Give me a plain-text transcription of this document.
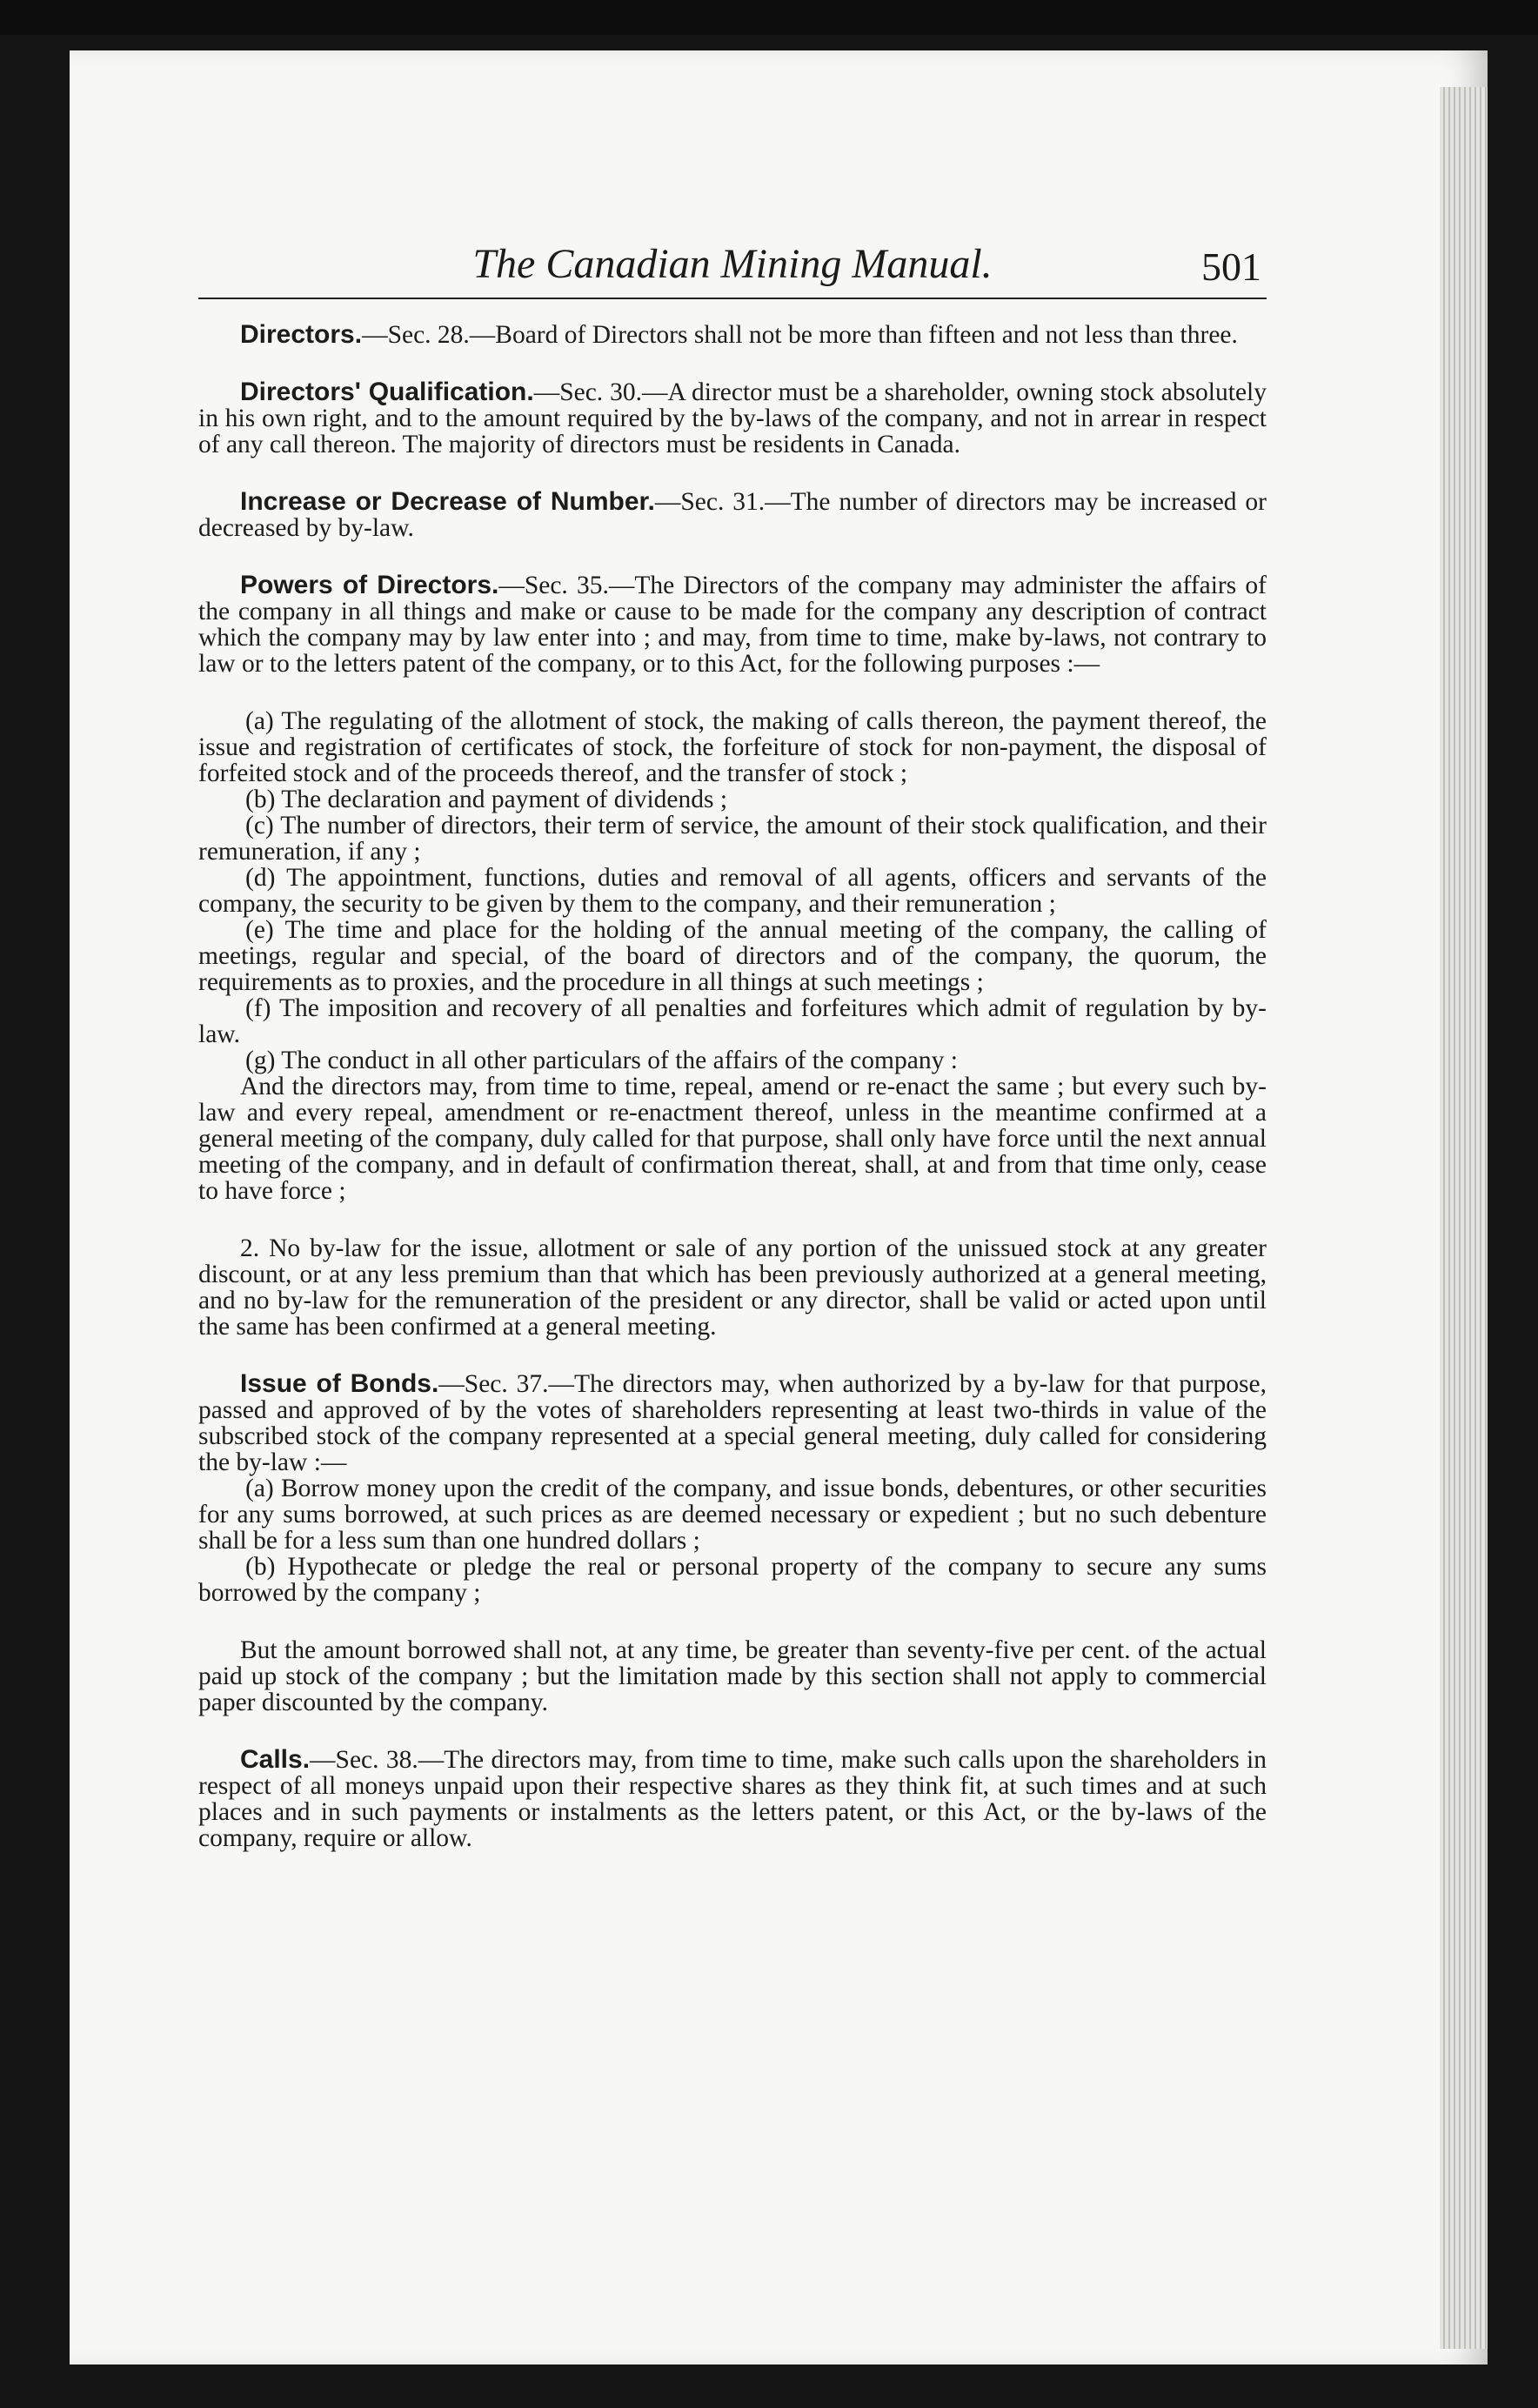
The Canadian Mining Manual.	501

Directors.—Sec. 28.—Board of Directors shall not be more than fifteen and not less than three.

Directors' Qualification.—Sec. 30.—A director must be a shareholder, owning stock absolutely in his own right, and to the amount required by the by-laws of the company, and not in arrear in respect of any call thereon. The majority of directors must be residents in Canada.

Increase or Decrease of Number.—Sec. 31.—The number of directors may be increased or decreased by by-law.

Powers of Directors.—Sec. 35.—The Directors of the company may administer the affairs of the company in all things and make or cause to be made for the company any description of contract which the company may by law enter into ; and may, from time to time, make by-laws, not contrary to law or to the letters patent of the company, or to this Act, for the following purposes :—

(a) The regulating of the allotment of stock, the making of calls thereon, the payment thereof, the issue and registration of certificates of stock, the forfeiture of stock for non-payment, the disposal of forfeited stock and of the proceeds thereof, and the transfer of stock ;

(b) The declaration and payment of dividends ;

(c) The number of directors, their term of service, the amount of their stock qualification, and their remuneration, if any ;

(d) The appointment, functions, duties and removal of all agents, officers and servants of the company, the security to be given by them to the company, and their remuneration ;

(e) The time and place for the holding of the annual meeting of the company, the calling of meetings, regular and special, of the board of directors and of the company, the quorum, the requirements as to proxies, and the procedure in all things at such meetings ;

(f) The imposition and recovery of all penalties and forfeitures which admit of regulation by by-law.

(g) The conduct in all other particulars of the affairs of the company :

And the directors may, from time to time, repeal, amend or re-enact the same ; but every such by-law and every repeal, amendment or re-enactment thereof, unless in the meantime confirmed at a general meeting of the company, duly called for that purpose, shall only have force until the next annual meeting of the company, and in default of confirmation thereat, shall, at and from that time only, cease to have force ;

2. No by-law for the issue, allotment or sale of any portion of the unissued stock at any greater discount, or at any less premium than that which has been previously authorized at a general meeting, and no by-law for the remuneration of the president or any director, shall be valid or acted upon until the same has been confirmed at a general meeting.

Issue of Bonds.—Sec. 37.—The directors may, when authorized by a by-law for that purpose, passed and approved of by the votes of shareholders representing at least two-thirds in value of the subscribed stock of the company represented at a special general meeting, duly called for considering the by-law :—

(a) Borrow money upon the credit of the company, and issue bonds, debentures, or other securities for any sums borrowed, at such prices as are deemed necessary or expedient ; but no such debenture shall be for a less sum than one hundred dollars ;

(b) Hypothecate or pledge the real or personal property of the company to secure any sums borrowed by the company ;

But the amount borrowed shall not, at any time, be greater than seventy-five per cent. of the actual paid up stock of the company ; but the limitation made by this section shall not apply to commercial paper discounted by the company.

Calls.—Sec. 38.—The directors may, from time to time, make such calls upon the shareholders in respect of all moneys unpaid upon their respective shares as they think fit, at such times and at such places and in such payments or instalments as the letters patent, or this Act, or the by-laws of the company, require or allow.
